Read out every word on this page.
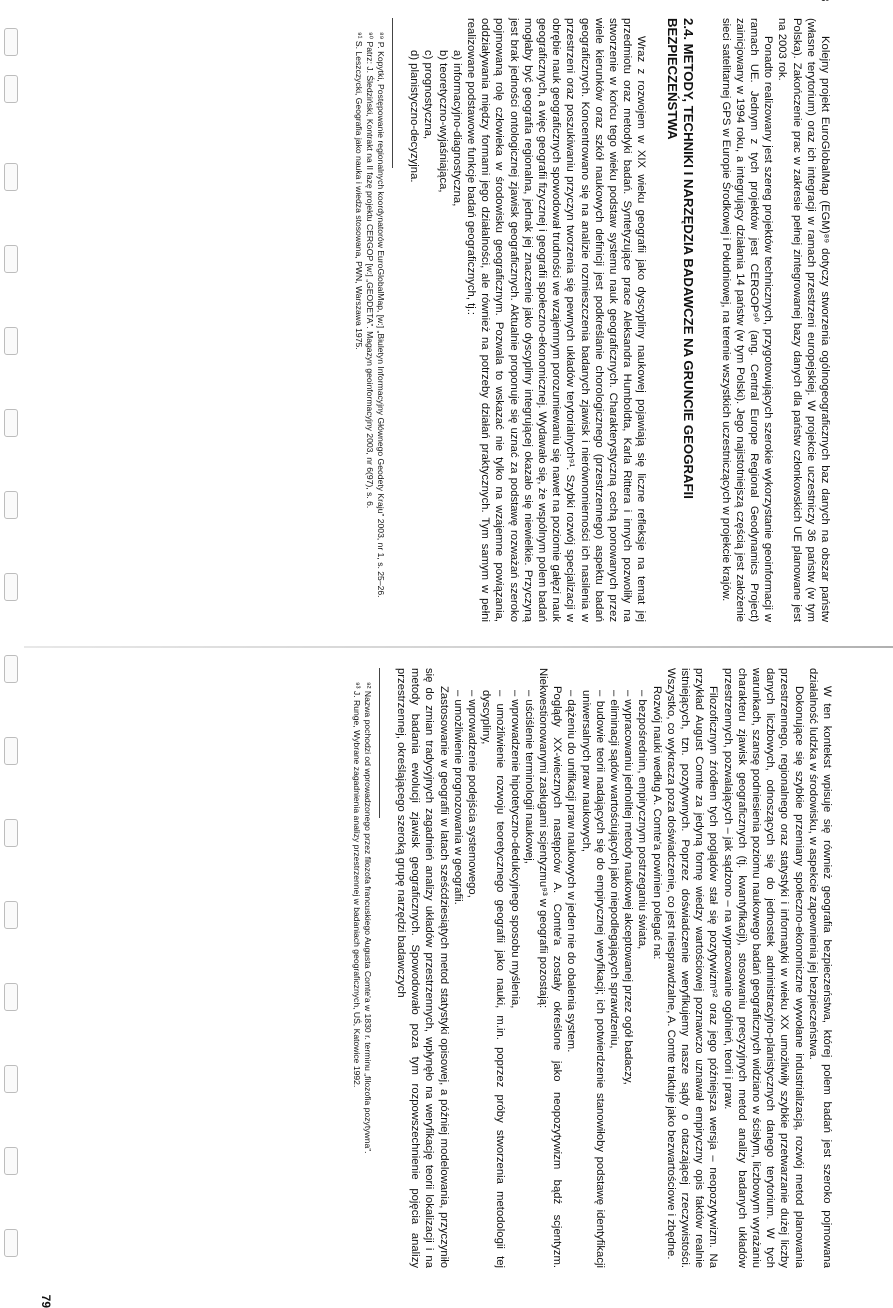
Kolejny projekt EuroGlobalMap (EGM)⁸⁹ dotyczy stworzenia ogólnogeograficznych baz danych na obszar państw (własne terytorium) oraz ich integracji w ramach przestrzeni europejskiej. W projekcie uczestniczy 36 państw (w tym Polska). Zakończenie prac w zakresie pełnej zintegrowanej bazy danych dla państw członkowskich UE planowane jest na 2003 rok.

Ponadto realizowany jest szereg projektów technicznych, przygotowujących szerokie wykorzystanie geoinformacji w ramach UE. Jednym z tych projektów jest CERGOP⁹⁰ (ang. Central Europe Regional Geodynamics Project) zainicjowany w 1994 roku, a integrujący działania 14 państw (w tym Polski). Jego najistotniejszą częścią jest założenie sieci satelitarnej GPS w Europie Środkowej i Południowej, na terenie wszystkich uczestniczących w projekcie krajów.

2.4. METODY, TECHNIKI I NARZĘDZIA BADAWCZE NA GRUNCIE GEOGRAFII BEZPIECZEŃSTWA

Wraz z rozwojem w XIX wieku geografii jako dyscypliny naukowej pojawiają się liczne refleksje na temat jej przedmiotu oraz metodyki badań. Syntetyzujące prace Aleksandra Humboldta, Karla Rittera i innych pozwoliły na stworzenie w końcu tego wieku podstaw systemu nauk geograficznych. Charakterystyczną cechą ponowanych przez wiele kierunków oraz szkół naukowych definicji jest podkreślanie chorologicznego (przestrzennego) aspektu badań geograficznych. Koncentrowano się na analizie rozmieszczenia badanych zjawisk i nierównomierności ich nasilenia w przestrzeni oraz poszukiwaniu przyczyn tworzenia się pewnych układów terytorialnych⁹¹. Szybki rozwój specjalizacji w obrębie nauk geograficznych spowodował trudności we wzajemnym porozumiewaniu się nawet na poziomie gałęzi nauk geograficznych, a więc geografii fizycznej i geografii społeczno-ekonomicznej. Wydawało się, że wspólnym polem badań mogłaby być geografia regionalna, jednak jej znaczenie jako dyscypliny integrującej okazało się niewielkie. Przyczyną jest brak jedności ontologicznej zjawisk geograficznych. Aktualnie proponuje się uznać za podstawę rozważań szeroko pojmowaną rolę człowieka w środowisku geograficznym. Pozwala to wskazać nie tylko na wzajemne powiązania, oddziaływania między formami jego działalności, ale również na potrzeby działań praktycznych. Tym samym w pełni realizowane podstawowe funkcje badań geograficznych, tj.:

a) informacyjno-diagnostyczna,
b) teoretyczno-wyjaśniająca,
c) prognostyczna,
d) planistyczno-decyzyjna.

⁸⁹ P. Kopytki, Postępowanie regionalnych koordynatorów EuroGlobalMap, [w:] „Biuletyn Informacyjny Głównego Geodety Kraju” 2003, nr 1, s. 25–26.

⁹⁰ Patrz: J. Śledziński, Kontrakt na II fazę projektu CERGOP [w:] „GEODETA”. Magazyn geoinformacyjny 2003, nr 6(97), s. 6.

⁹¹ S. Leszczycki, Geografia jako nauka i wiedza stosowana, PWN, Warszawa 1975.

79

W ten kontekst wpisuje się również geografia bezpieczeństwa, której polem badań jest szeroko pojmowana działalność ludzka w środowisku, w aspekcie zapewnienia jej bezpieczeństwa.

Dokonujące się szybkie przemiany społeczno-ekonomiczne wywołane industrializacją, rozwój metod planowania przestrzennego, regionalnego oraz statystyki i informatyki w wieku XX umożliwiły szybkie przetwarzanie dużej liczby danych liczbowych, odnoszących się do jednostek administracyjno-planistycznych danego terytorium. W tych warunkach, szansę podniesienia poziomu naukowego badań geograficznych widziano w ścisłym, liczbowym wyrażaniu charakteru zjawisk geograficznych (tj. kwantyfikacji), stosowaniu precyzyjnych metod analizy badanych układów przestrzennych, pozwalających – jak sądzono – na wypracowanie ogólnień, teorii i praw.

Filozoficznym źródłem tych poglądów stał się pozytywizm⁹² oraz jego późniejsza wersja – neopozytywizm. Na przykład August Comte za jedyną formę wiedzy wartościowej poznawczo uznawał empiryczny opis faktów realnie istniejących, tzn. pozytywnych. Poprzez doświadczenie weryfikujemy nasze sądy o otaczającej rzeczywistości. Wszystko, co wykracza poza doświadczenie, co jest niesprawdzalne, A. Comte traktuje jako bezwartościowe i zbędne.

Rozwój nauki według A. Comte'a powinien polegać na:

– bezpośrednim, empirycznym postrzeganiu świata,
– wypracowaniu jednolitej metody naukowej akceptowanej przez ogół badaczy,
– eliminacji sądów wartościujących jako niepodlegających sprawdzeniu,
– budowie teorii nadających się do empirycznej weryfikacji; ich potwierdzenie stanowiłoby podstawę identyfikacji uniwersalnych praw naukowych,
– dążeniu do unifikacji praw naukowych w jeden nie do obalenia system.

Poglądy XX-wiecznych następców A. Comte'a zostały określone jako neopozytywizm bądź scjentyzm. Niekwestionowanymi zasługami scjentyzmu⁹³ w geografii pozostają:

– uściślenie terminologii naukowej,
– wprowadzenie hipotetyczno-dedukcyjnego sposobu myślenia,
– umożliwienie rozwoju teoretycznego geografii jako nauki, m.in. poprzez próby stworzenia metodologii tej dyscypliny,
– wprowadzenie podejścia systemowego,
– umożliwienie prognozowania w geografii.

Zastosowanie w geografii w latach sześćdziesiątych metod statystyki opisowej, a później modelowania, przyczyniło się do zmian tradycyjnych zagadnień analizy układów przestrzennych, wpłynęło na weryfikację teorii lokalizacji i na metody badania ewolucji zjawisk geograficznych. Spowodowało poza tym rozpowszechnienie pojęcia analizy przestrzennej, określającego szeroką grupę narzędzi badawczych

⁹² Nazwa pochodzi od wprowadzonego przez filozofa francuskiego Augusta Comte'a w 1830 r. terminu „filozofia pozytywna”.

⁹³ J. Runge, Wybrane zagadnienia analizy przestrzennej w badaniach geograficznych, UŚ, Katowice 1992.
